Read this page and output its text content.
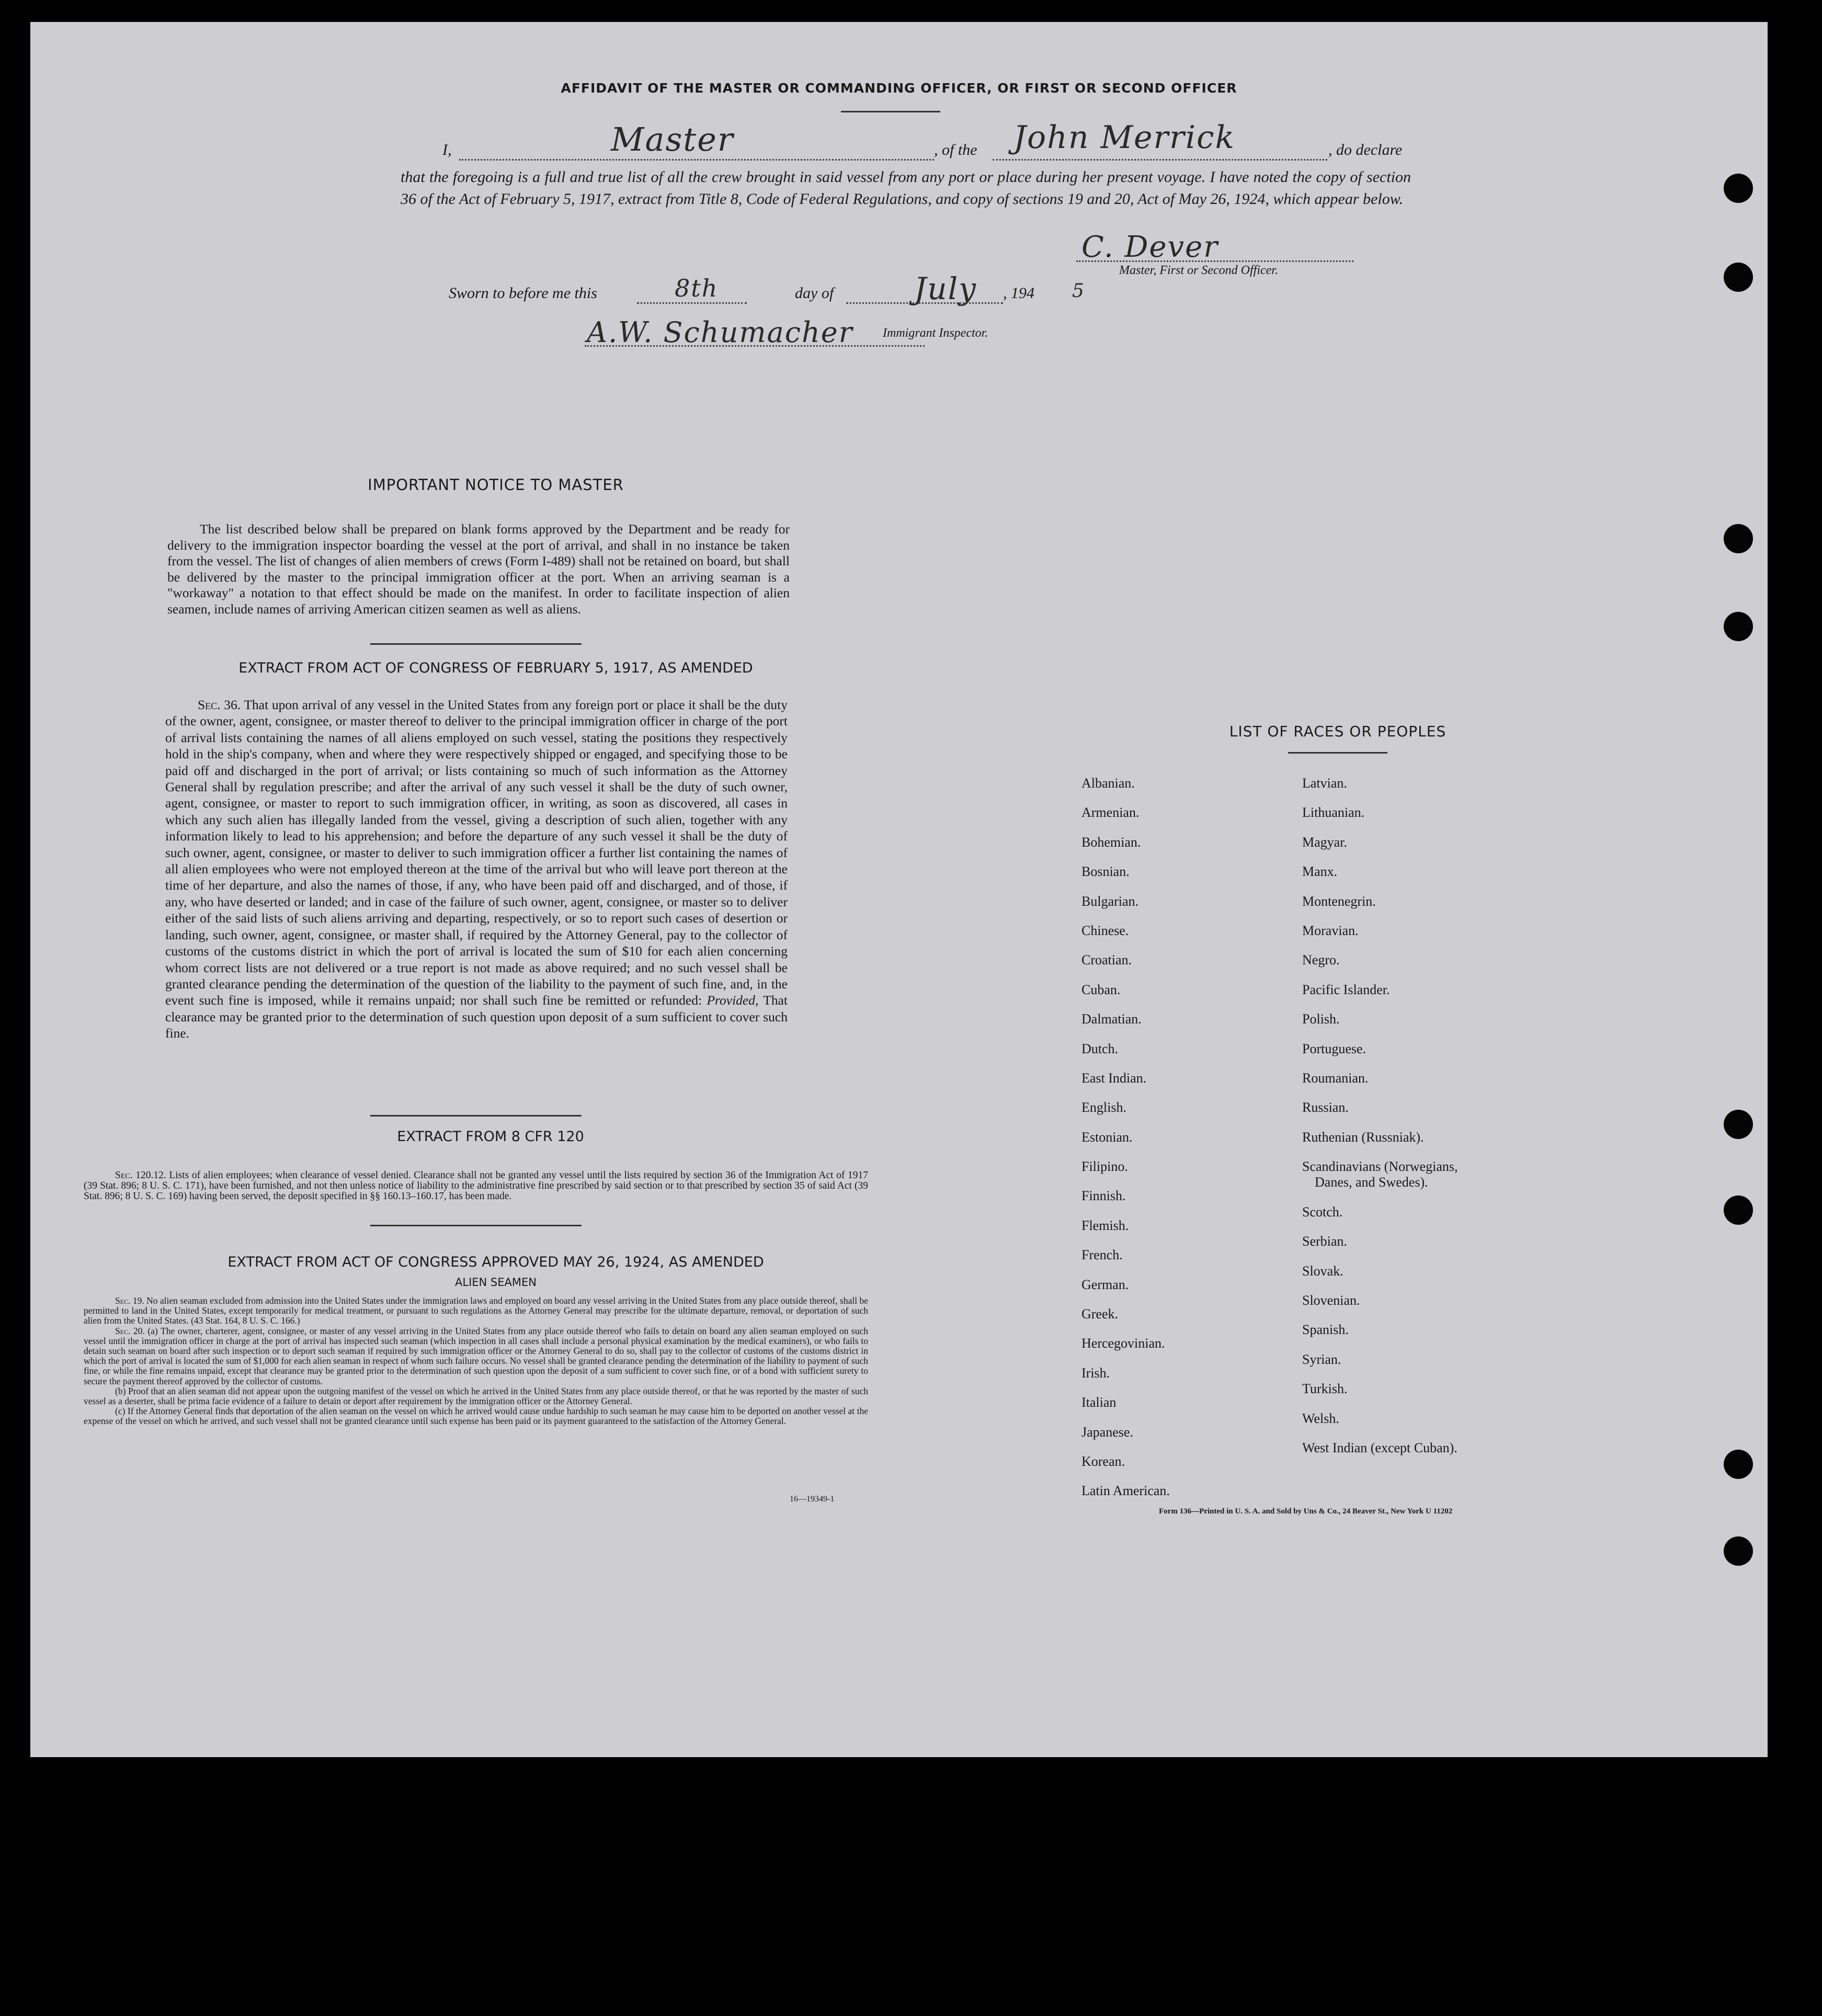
AFFIDAVIT OF THE MASTER OR COMMANDING OFFICER, OR FIRST OR SECOND OFFICER
I,	Master	, of the John Merrick	, do declare
that the foregoing is a full and true list of all the crew brought in said vessel from any port or place during her present voyage. I have noted the copy of section 36 of the Act of February 5, 1917, extract from Title 8, Code of Federal Regulations, and copy of sections 19 and 20, Act of May 26, 1924, which appear below.
C. Dever
Master, First or Second Officer.
Sworn to before me this	8th	day of	July , 194 5
A.W. Schumacher Immigrant Inspector.
IMPORTANT NOTICE TO MASTER
The list described below shall be prepared on blank forms approved by the Department and be ready for delivery to the immigration inspector boarding the vessel at the port of arrival, and shall in no instance be taken from the vessel. The list of changes of alien members of crews (Form I-489) shall not be retained on board, but shall be delivered by the master to the principal immigration officer at the port. When an arriving seaman is a "workaway" a notation to that effect should be made on the manifest. In order to facilitate inspection of alien seamen, include names of arriving American citizen seamen as well as aliens.
EXTRACT FROM ACT OF CONGRESS OF FEBRUARY 5, 1917, AS AMENDED
Sec. 36. That upon arrival of any vessel in the United States from any foreign port or place it shall be the duty of the owner, agent, consignee, or master thereof to deliver to the principal immigration officer in charge of the port of arrival lists containing the names of all aliens employed on such vessel, stating the positions they respectively hold in the ship's company, when and where they were respectively shipped or engaged, and specifying those to be paid off and discharged in the port of arrival; or lists containing so much of such information as the Attorney General shall by regulation prescribe; and after the arrival of any such vessel it shall be the duty of such owner, agent, consignee, or master to report to such immigration officer, in writing, as soon as discovered, all cases in which any such alien has illegally landed from the vessel, giving a description of such alien, together with any information likely to lead to his apprehension; and before the departure of any such vessel it shall be the duty of such owner, agent, consignee, or master to deliver to such immigration officer a further list containing the names of all alien employees who were not employed thereon at the time of the arrival but who will leave port thereon at the time of her departure, and also the names of those, if any, who have been paid off and discharged, and of those, if any, who have deserted or landed; and in case of the failure of such owner, agent, consignee, or master so to deliver either of the said lists of such aliens arriving and departing, respectively, or so to report such cases of desertion or landing, such owner, agent, consignee, or master shall, if required by the Attorney General, pay to the collector of customs of the customs district in which the port of arrival is located the sum of $10 for each alien concerning whom correct lists are not delivered or a true report is not made as above required; and no such vessel shall be granted clearance pending the determination of the question of the liability to the payment of such fine, and, in the event such fine is imposed, while it remains unpaid; nor shall such fine be remitted or refunded: Provided, That clearance may be granted prior to the determination of such question upon deposit of a sum sufficient to cover such fine.
EXTRACT FROM 8 CFR 120
Sec. 120.12. Lists of alien employees; when clearance of vessel denied. Clearance shall not be granted any vessel until the lists required by section 36 of the Immigration Act of 1917 (39 Stat. 896; 8 U. S. C. 171), have been furnished, and not then unless notice of liability to the administrative fine prescribed by said section or to that prescribed by section 35 of said Act (39 Stat. 896; 8 U. S. C. 169) having been served, the deposit specified in §§ 160.13–160.17, has been made.
EXTRACT FROM ACT OF CONGRESS APPROVED MAY 26, 1924, AS AMENDED
ALIEN SEAMEN
Sec. 19. No alien seaman excluded from admission into the United States under the immigration laws and employed on board any vessel arriving in the United States from any place outside thereof, shall be permitted to land in the United States, except temporarily for medical treatment, or pursuant to such regulations as the Attorney General may prescribe for the ultimate departure, removal, or deportation of such alien from the United States. (43 Stat. 164, 8 U. S. C. 166.)
Sec. 20. (a) The owner, charterer, agent, consignee, or master of any vessel arriving in the United States from any place outside thereof who fails to detain on board any alien seaman employed on such vessel until the immigration officer in charge at the port of arrival has inspected such seaman (which inspection in all cases shall include a personal physical examination by the medical examiners), or who fails to detain such seaman on board after such inspection or to deport such seaman if required by such immigration officer or the Attorney General to do so, shall pay to the collector of customs of the customs district in which the port of arrival is located the sum of $1,000 for each alien seaman in respect of whom such failure occurs. No vessel shall be granted clearance pending the determination of the liability to payment of such fine, or while the fine remains unpaid, except that clearance may be granted prior to the determination of such question upon the deposit of a sum sufficient to cover such fine, or of a bond with sufficient surety to secure the payment thereof approved by the collector of customs.
(b) Proof that an alien seaman did not appear upon the outgoing manifest of the vessel on which he arrived in the United States from any place outside thereof, or that he was reported by the master of such vessel as a deserter, shall be prima facie evidence of a failure to detain or deport after requirement by the immigration officer or the Attorney General.
(c) If the Attorney General finds that deportation of the alien seaman on the vessel on which he arrived would cause undue hardship to such seaman he may cause him to be deported on another vessel at the expense of the vessel on which he arrived, and such vessel shall not be granted clearance until such expense has been paid or its payment guaranteed to the satisfaction of the Attorney General.
16—19349-1
LIST OF RACES OR PEOPLES
Albanian.
Armenian.
Bohemian.
Bosnian.
Bulgarian.
Chinese.
Croatian.
Cuban.
Dalmatian.
Dutch.
East Indian.
English.
Estonian.
Filipino.
Finnish.
Flemish.
French.
German.
Greek.
Hercegovinian.
Irish.
Italian
Japanese.
Korean.
Latin American.
Latvian.
Lithuanian.
Magyar.
Manx.
Montenegrin.
Moravian.
Negro.
Pacific Islander.
Polish.
Portuguese.
Roumanian.
Russian.
Ruthenian (Russniak).
Scandinavians (Norwegians,
Danes, and Swedes).
Scotch.
Serbian.
Slovak.
Slovenian.
Spanish.
Syrian.
Turkish.
Welsh.
West Indian (except Cuban).
Form 136—Printed in U. S. A. and Sold by Uns & Co., 24 Beaver St., New York U 11202
